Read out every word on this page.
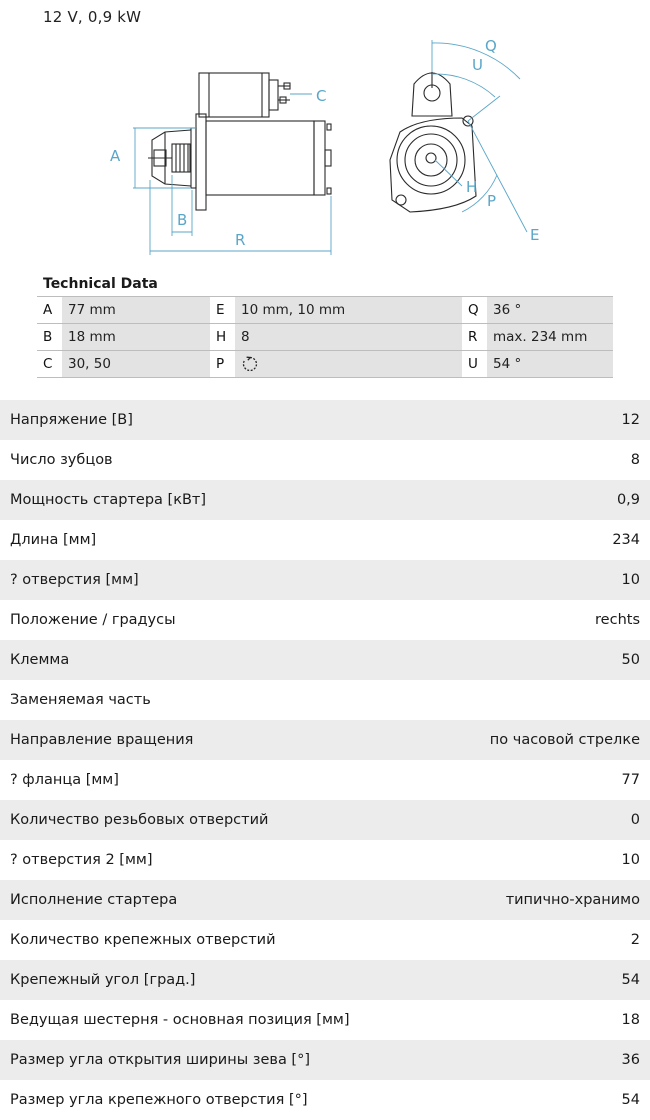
12 V, 0,9 kW
C
A
B
R
Q
U
H
P
E
Technical Data
A	77 mm	E	10 mm, 10 mm	Q	36 °
B	18 mm	H	8	R	max. 234 mm
C	30, 50	P		U	54 °
Напряжение [В]	12
Число зубцов	8
Мощность стартера [кВт]	0,9
Длина [мм]	234
? отверстия [мм]	10
Положение / градусы	rechts
Клемма	50
Заменяемая часть
Направление вращения	по часовой стрелке
? фланца [мм]	77
Количество резьбовых отверстий	0
? отверстия 2 [мм]	10
Исполнение стартера	типично-хранимо
Количество крепежных отверстий	2
Крепежный угол [град.]	54
Ведущая шестерня - основная позиция [мм]	18
Размер угла открытия ширины зева [°]	36
Размер угла крепежного отверстия [°]	54
